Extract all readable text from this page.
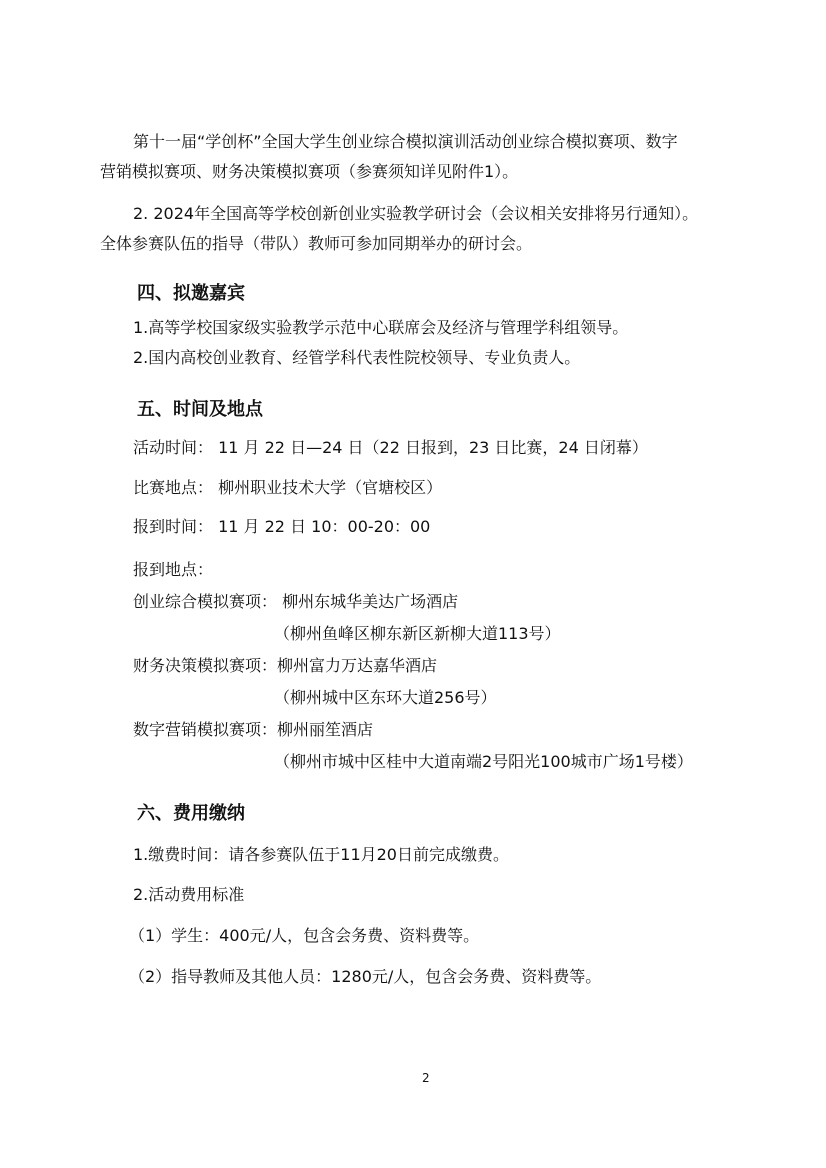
第十一届“学创杯”全国大学生创业综合模拟演训活动创业综合模拟赛项、数字

营销模拟赛项、财务决策模拟赛项（参赛须知详见附件1）。

2. 2024年全国高等学校创新创业实验教学研讨会（会议相关安排将另行通知）。

全体参赛队伍的指导（带队）教师可参加同期举办的研讨会。

四、拟邀嘉宾

1.高等学校国家级实验教学示范中心联席会及经济与管理学科组领导。

2.国内高校创业教育、经管学科代表性院校领导、专业负责人。

五、时间及地点

活动时间： 11 月 22 日—24 日（22 日报到，23 日比赛，24 日闭幕）

比赛地点： 柳州职业技术大学（官塘校区）

报到时间： 11 月 22 日 10：00-20：00

报到地点：

创业综合模拟赛项： 柳州东城华美达广场酒店

（柳州鱼峰区柳东新区新柳大道113号）

财务决策模拟赛项：柳州富力万达嘉华酒店

（柳州城中区东环大道256号）

数字营销模拟赛项：柳州丽笙酒店

（柳州市城中区桂中大道南端2号阳光100城市广场1号楼）

六、费用缴纳

1.缴费时间：请各参赛队伍于11月20日前完成缴费。

2.活动费用标准

（1）学生：400元/人，包含会务费、资料费等。

（2）指导教师及其他人员：1280元/人，包含会务费、资料费等。

2
